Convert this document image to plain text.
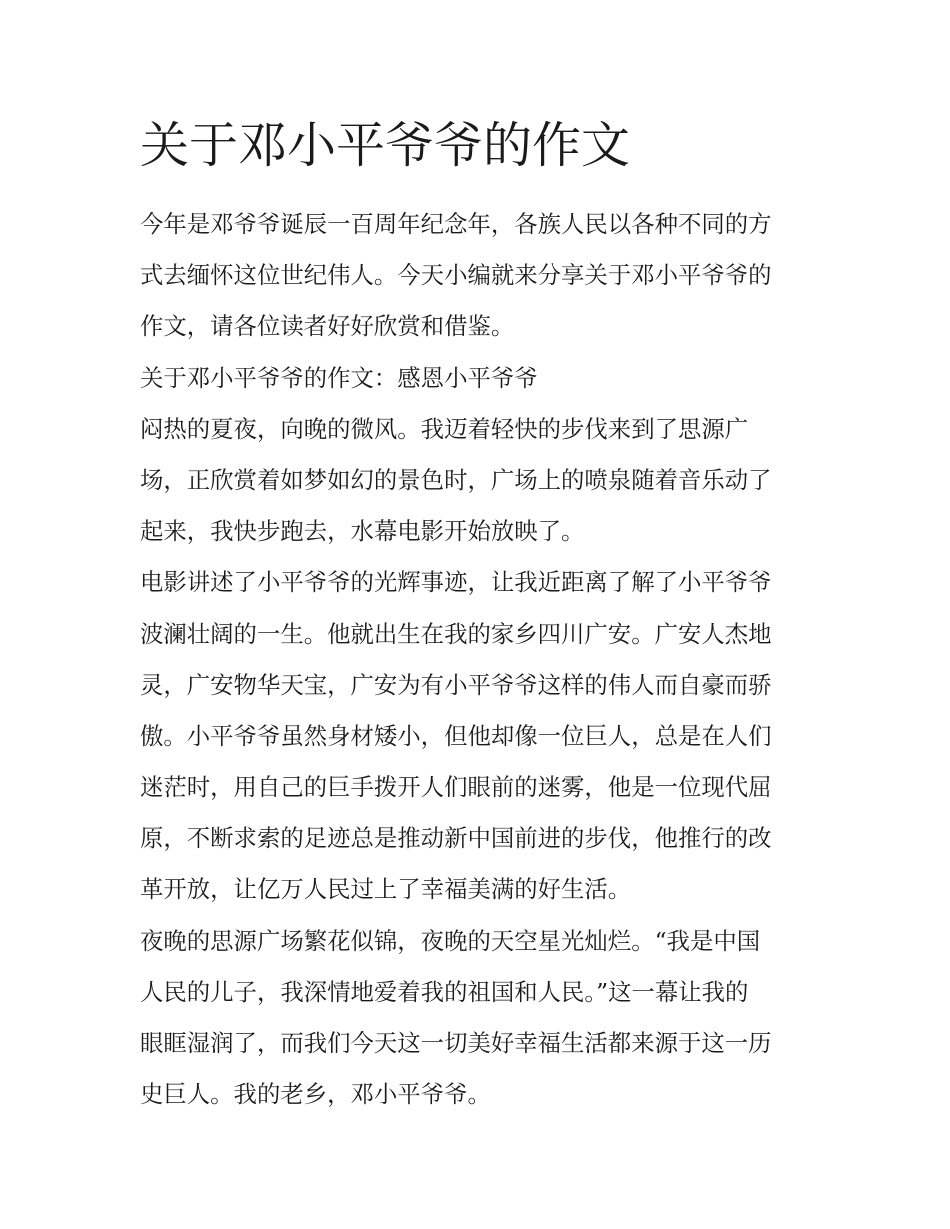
关于邓小平爷爷的作文

今年是邓爷爷诞辰一百周年纪念年，各族人民以各种不同的方
式去缅怀这位世纪伟人。今天小编就来分享关于邓小平爷爷的
作文，请各位读者好好欣赏和借鉴。

关于邓小平爷爷的作文：感恩小平爷爷

闷热的夏夜，向晚的微风。我迈着轻快的步伐来到了思源广
场，正欣赏着如梦如幻的景色时，广场上的喷泉随着音乐动了
起来，我快步跑去，水幕电影开始放映了。

电影讲述了小平爷爷的光辉事迹，让我近距离了解了小平爷爷
波澜壮阔的一生。他就出生在我的家乡四川广安。广安人杰地
灵，广安物华天宝，广安为有小平爷爷这样的伟人而自豪而骄
傲。小平爷爷虽然身材矮小，但他却像一位巨人，总是在人们
迷茫时，用自己的巨手拨开人们眼前的迷雾，他是一位现代屈
原，不断求索的足迹总是推动新中国前进的步伐，他推行的改
革开放，让亿万人民过上了幸福美满的好生活。

夜晚的思源广场繁花似锦，夜晚的天空星光灿烂。“我是中国
人民的儿子，我深情地爱着我的祖国和人民。”这一幕让我的
眼眶湿润了，而我们今天这一切美好幸福生活都来源于这一历
史巨人。我的老乡，邓小平爷爷。
